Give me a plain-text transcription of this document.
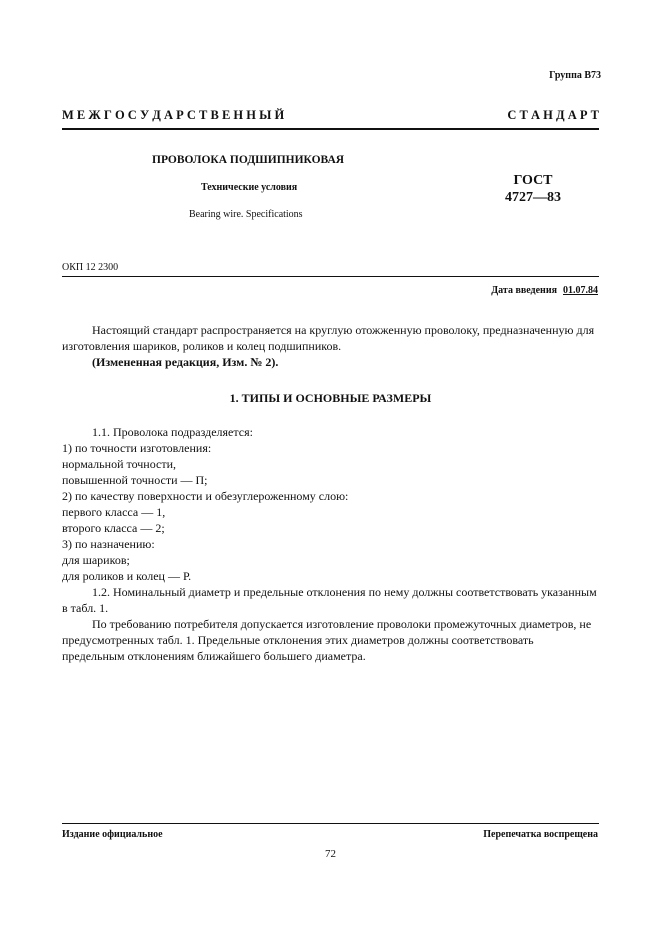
Группа В73
М Е Ж Г О С У Д А Р С Т В Е Н Н Ы Й	С Т А Н Д А Р Т
ПРОВОЛОКА ПОДШИПНИКОВАЯ
Технические условия
Bearing wire. Specifications
ГОСТ
4727—83
ОКП 12 2300
Дата введения 01.07.84

Настоящий стандарт распространяется на круглую отожженную проволоку, предназначенную для изготовления шариков, роликов и колец подшипников.

(Измененная редакция, Изм. № 2).

1. ТИПЫ И ОСНОВНЫЕ РАЗМЕРЫ

1.1. Проволока подразделяется:

1) по точности изготовления:

нормальной точности,

повышенной точности — П;

2) по качеству поверхности и обезуглероженному слою:

первого класса — 1,

второго класса — 2;

3) по назначению:

для шариков;

для роликов и колец — Р.

1.2. Номинальный диаметр и предельные отклонения по нему должны соответствовать указанным в табл. 1.

По требованию потребителя допускается изготовление проволоки промежуточных диаметров, не предусмотренных табл. 1. Предельные отклонения этих диаметров должны соответствовать предельным отклонениям ближайшего большего диаметра.

Издание официальное	Перепечатка воспрещена
72
